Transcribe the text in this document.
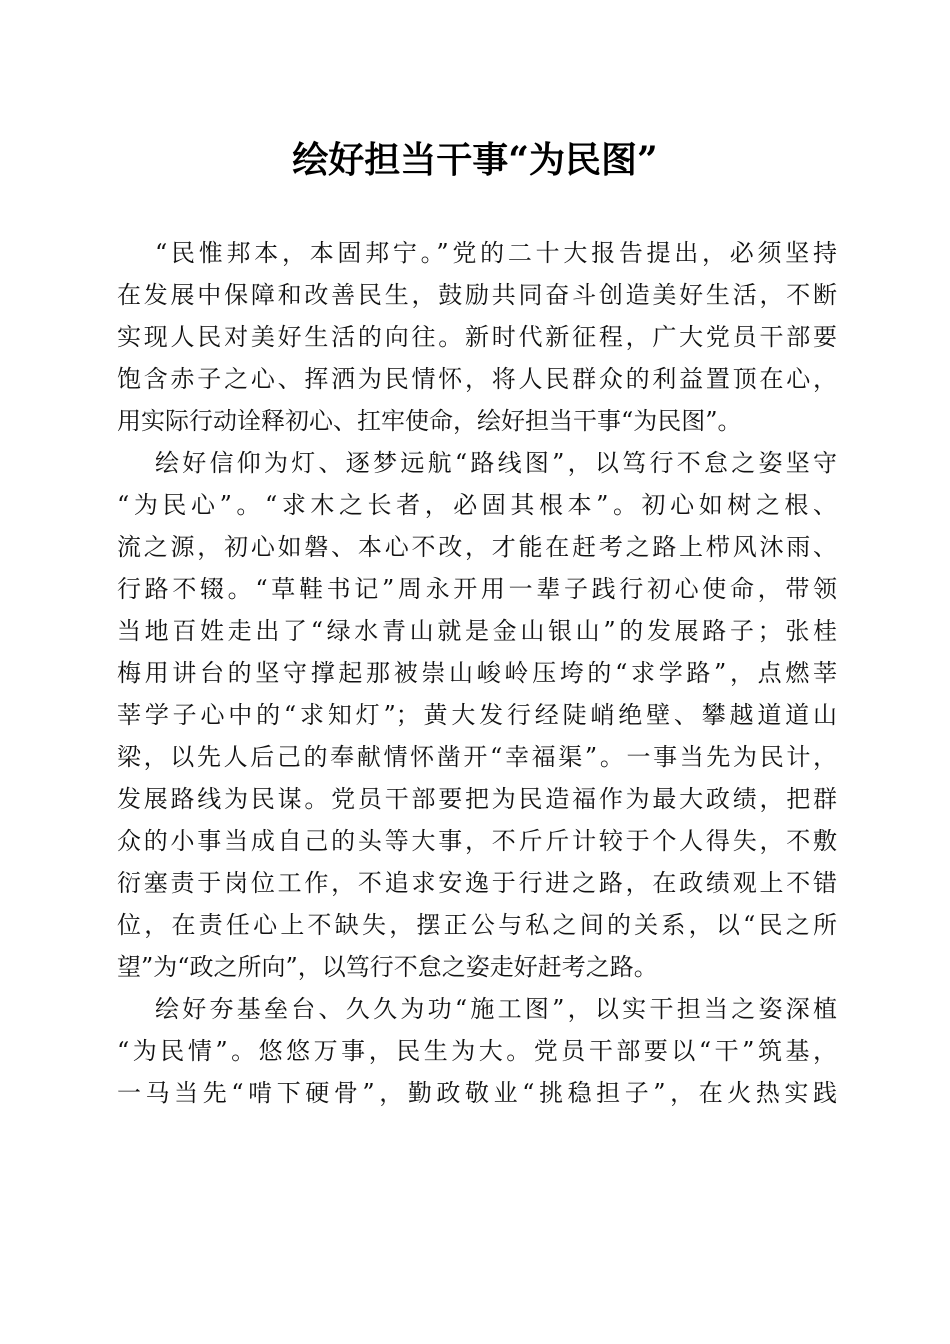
绘好担当干事“为民图”
“民惟邦本，本固邦宁。”党的二十大报告提出，必须坚持
在发展中保障和改善民生，鼓励共同奋斗创造美好生活，不断
实现人民对美好生活的向往。新时代新征程，广大党员干部要
饱含赤子之心、挥洒为民情怀，将人民群众的利益置顶在心，
用实际行动诠释初心、扛牢使命，绘好担当干事“为民图”。
绘好信仰为灯、逐梦远航“路线图”，以笃行不怠之姿坚守
“为民心”。“求木之长者，必固其根本”。初心如树之根、
流之源，初心如磐、本心不改，才能在赶考之路上栉风沐雨、
行路不辍。“草鞋书记”周永开用一辈子践行初心使命，带领
当地百姓走出了“绿水青山就是金山银山”的发展路子；张桂
梅用讲台的坚守撑起那被崇山峻岭压垮的“求学路”，点燃莘
莘学子心中的“求知灯”；黄大发行经陡峭绝壁、攀越道道山
梁，以先人后己的奉献情怀凿开“幸福渠”。一事当先为民计，
发展路线为民谋。党员干部要把为民造福作为最大政绩，把群
众的小事当成自己的头等大事，不斤斤计较于个人得失，不敷
衍塞责于岗位工作，不追求安逸于行进之路，在政绩观上不错
位，在责任心上不缺失，摆正公与私之间的关系，以“民之所
望”为“政之所向”，以笃行不怠之姿走好赶考之路。
绘好夯基垒台、久久为功“施工图”，以实干担当之姿深植
“为民情”。悠悠万事，民生为大。党员干部要以“干”筑基，
一马当先“啃下硬骨”，勤政敬业“挑稳担子”，在火热实践
